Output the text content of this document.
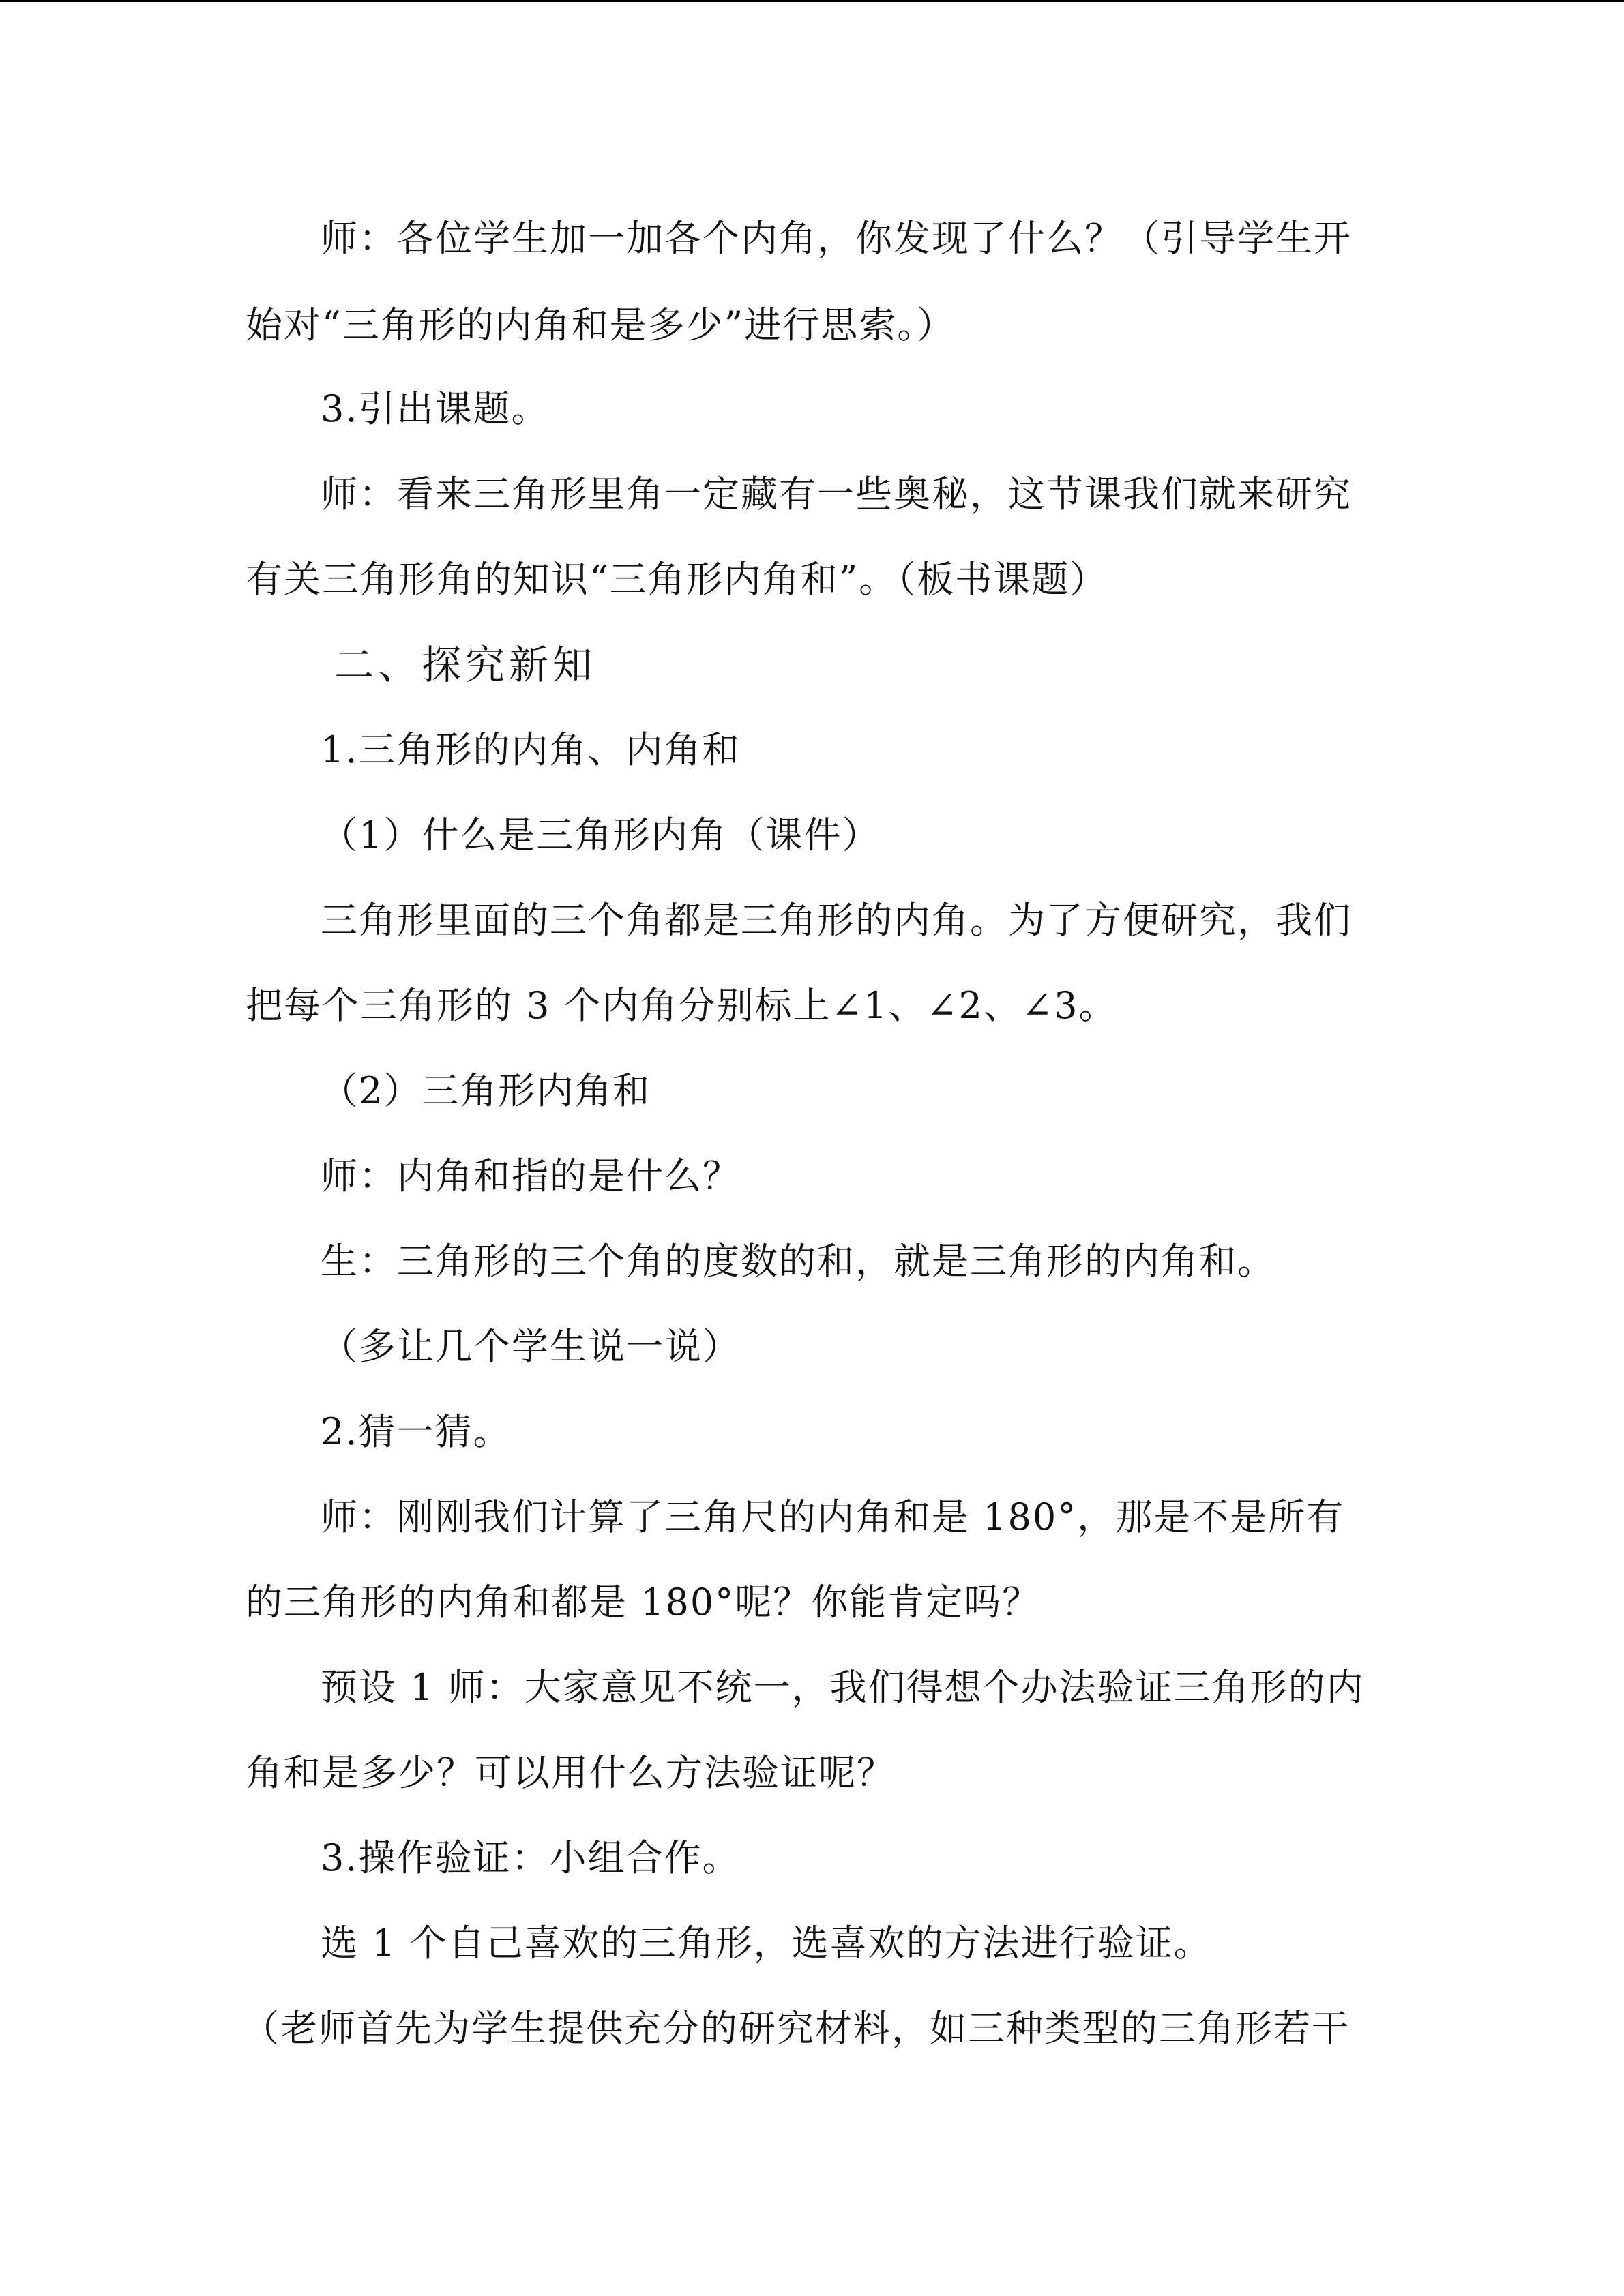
师：各位学生加一加各个内角，你发现了什么？（引导学生开
始对“三角形的内角和是多少”进行思索。）
3.引出课题。
师：看来三角形里角一定藏有一些奥秘，这节课我们就来研究
有关三角形角的知识“三角形内角和”。（板书课题）
二、探究新知
1.三角形的内角、内角和
（1）什么是三角形内角（课件）
三角形里面的三个角都是三角形的内角。为了方便研究，我们
把每个三角形的 3 个内角分别标上∠1、∠2、∠3。
（2）三角形内角和
师：内角和指的是什么？
生：三角形的三个角的度数的和，就是三角形的内角和。
（多让几个学生说一说）
2.猜一猜。
师：刚刚我们计算了三角尺的内角和是 180°，那是不是所有
的三角形的内角和都是 180°呢？你能肯定吗？
预设 1 师：大家意见不统一，我们得想个办法验证三角形的内
角和是多少？可以用什么方法验证呢？
3.操作验证：小组合作。
选 1 个自己喜欢的三角形，选喜欢的方法进行验证。
（老师首先为学生提供充分的研究材料，如三种类型的三角形若干
